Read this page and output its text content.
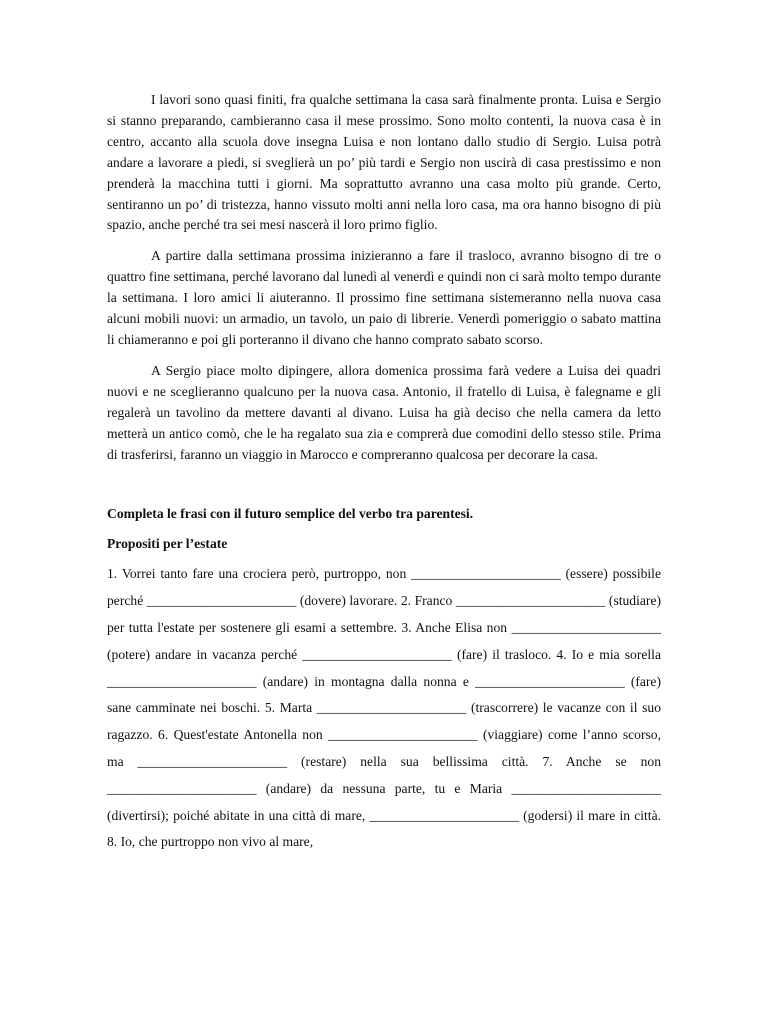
I lavori sono quasi finiti, fra qualche settimana la casa sarà finalmente pronta. Luisa e Sergio si stanno preparando, cambieranno casa il mese prossimo. Sono molto contenti, la nuova casa è in centro, accanto alla scuola dove insegna Luisa e non lontano dallo studio di Sergio. Luisa potrà andare a lavorare a piedi, si sveglierà un po’ più tardi e Sergio non uscirà di casa prestissimo e non prenderà la macchina tutti i giorni. Ma soprattutto avranno una casa molto più grande. Certo, sentiranno un po’ di tristezza, hanno vissuto molti anni nella loro casa, ma ora hanno bisogno di più spazio, anche perché tra sei mesi nascerà il loro primo figlio.

A partire dalla settimana prossima inizieranno a fare il trasloco, avranno bisogno di tre o quattro fine settimana, perché lavorano dal lunedì al venerdì e quindi non ci sarà molto tempo durante la settimana. I loro amici li aiuteranno. Il prossimo fine settimana sistemeranno nella nuova casa alcuni mobili nuovi: un armadio, un tavolo, un paio di librerie. Venerdì pomeriggio o sabato mattina li chiameranno e poi gli porteranno il divano che hanno comprato sabato scorso.

A Sergio piace molto dipingere, allora domenica prossima farà vedere a Luisa dei quadri nuovi e ne sceglieranno qualcuno per la nuova casa. Antonio, il fratello di Luisa, è falegname e gli regalerà un tavolino da mettere davanti al divano. Luisa ha già deciso che nella camera da letto metterà un antico comò, che le ha regalato sua zia e comprerà due comodini dello stesso stile. Prima di trasferirsi, faranno un viaggio in Marocco e compreranno qualcosa per decorare la casa.

Completa le frasi con il futuro semplice del verbo tra parentesi.

Propositi per l’estate

1. Vorrei tanto fare una crociera però, purtroppo, non ______________________ (essere) possibile perché ______________________ (dovere) lavorare. 2. Franco ______________________ (studiare) per tutta l'estate per sostenere gli esami a settembre. 3. Anche Elisa non ______________________ (potere) andare in vacanza perché ______________________ (fare) il trasloco. 4. Io e mia sorella ______________________ (andare) in montagna dalla nonna e ______________________ (fare) sane camminate nei boschi. 5. Marta ______________________ (trascorrere) le vacanze con il suo ragazzo. 6. Quest'estate Antonella non ______________________ (viaggiare) come l’anno scorso, ma ______________________ (restare) nella sua bellissima città. 7. Anche se non ______________________ (andare) da nessuna parte, tu e Maria ______________________ (divertirsi); poiché abitate in una città di mare, ______________________ (godersi) il mare in città. 8. Io, che purtroppo non vivo al mare,
